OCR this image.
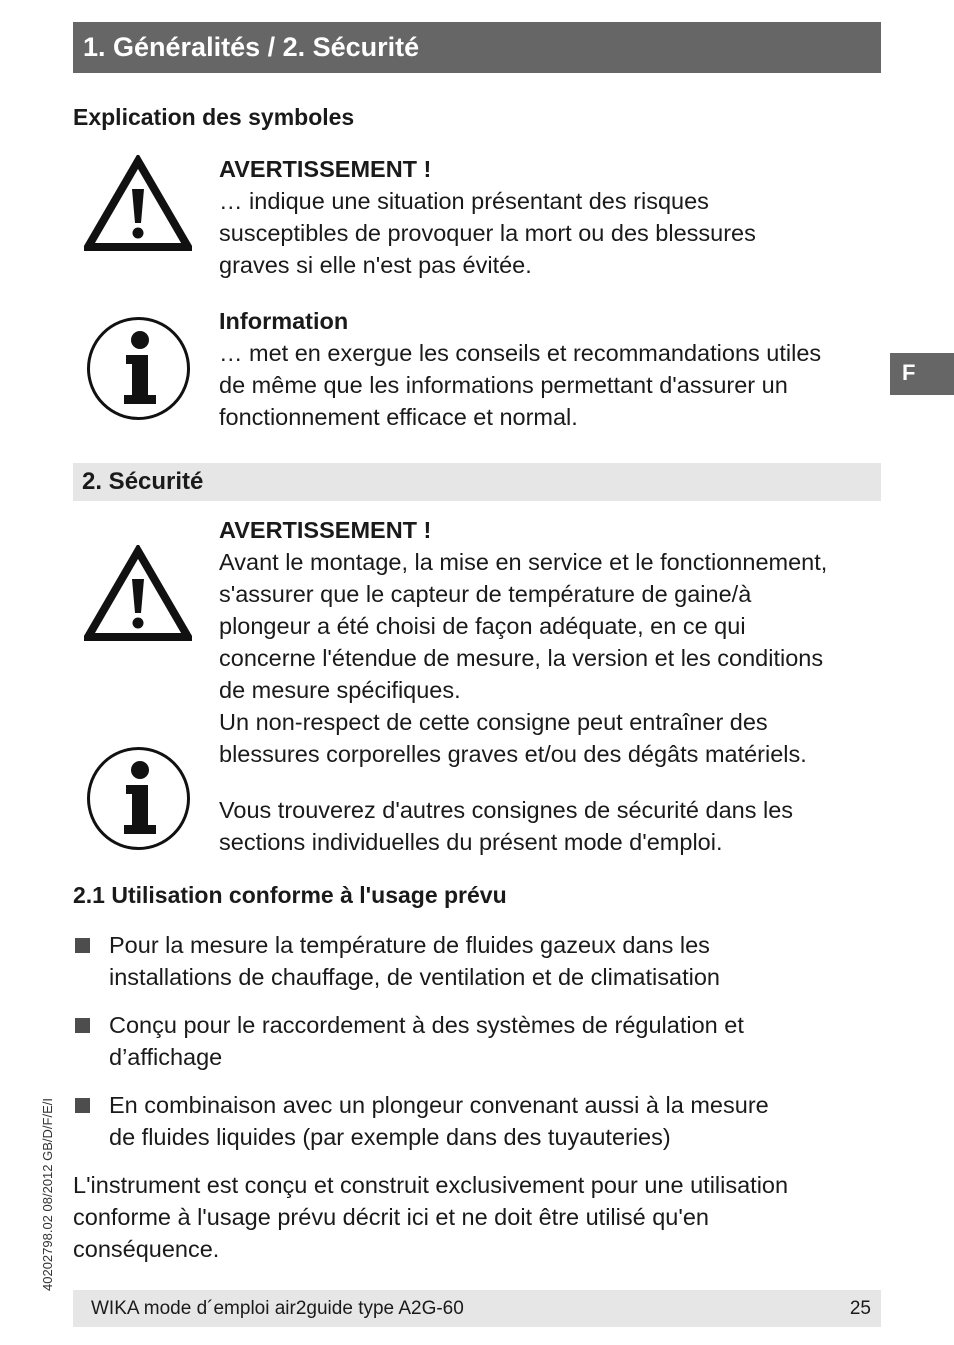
1. Généralités / 2. Sécurité
F
Explication des symboles
AVERTISSEMENT !
… indique une situation présentant des risques
susceptibles de provoquer la mort ou des blessures
graves si elle n'est pas évitée.
Information
… met en exergue les conseils et recommandations utiles
de même que les informations permettant d'assurer un
fonctionnement efficace et normal.
2. Sécurité
AVERTISSEMENT !
Avant le montage, la mise en service et le fonctionnement,
s'assurer que le capteur de température de gaine/à
plongeur a été choisi de façon adéquate, en ce qui
concerne l'étendue de mesure, la version et les conditions
de mesure spécifiques.
Un non-respect de cette consigne peut entraîner des
blessures corporelles graves et/ou des dégâts matériels.
Vous trouverez d'autres consignes de sécurité dans les
sections individuelles du présent mode d'emploi.
2.1 Utilisation conforme à l'usage prévu
Pour la mesure la température de fluides gazeux dans les
installations de chauffage, de ventilation et de climatisation
Conçu pour le raccordement à des systèmes de régulation et
d’affichage
En combinaison avec un plongeur convenant aussi à la mesure
de fluides liquides (par exemple dans des tuyauteries)
L'instrument est conçu et construit exclusivement pour une utilisation
conforme à l'usage prévu décrit ici et ne doit être utilisé qu'en
conséquence.
40202798.02 08/2012 GB/D/F/E/I
WIKA mode d´emploi air2guide type A2G-60	25
